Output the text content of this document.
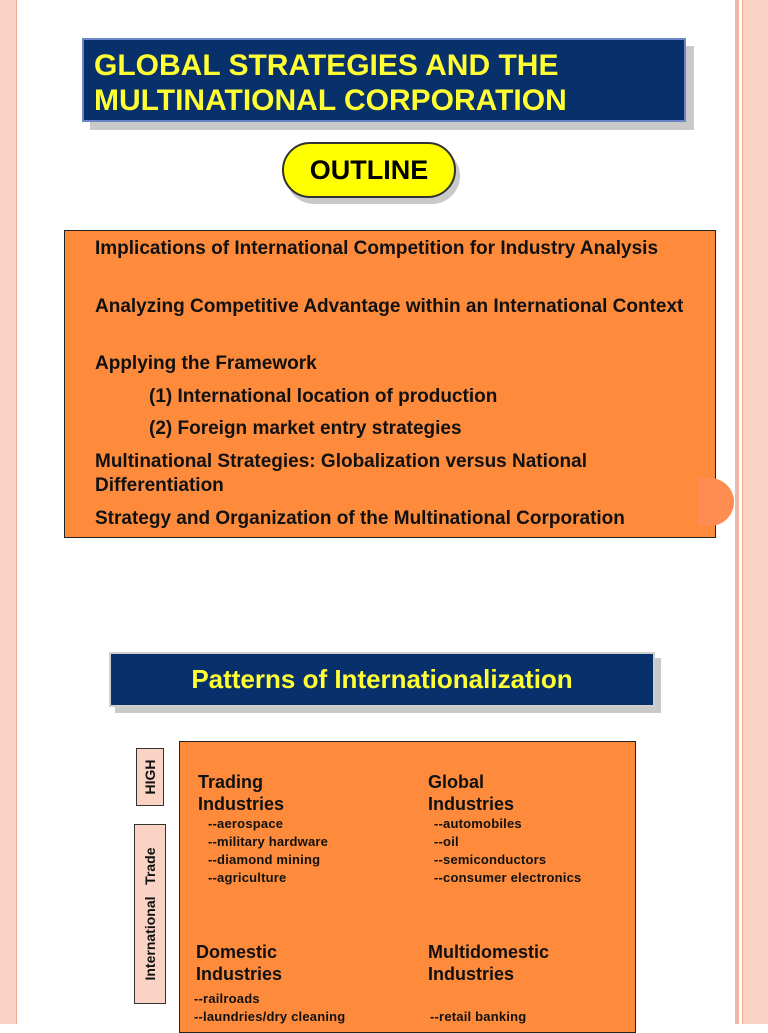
GLOBAL STRATEGIES AND THE
MULTINATIONAL CORPORATION
OUTLINE
Implications of International Competition for Industry Analysis
Analyzing Competitive Advantage within an International Context
Applying the Framework
(1) International location of production
(2) Foreign market entry strategies
Multinational Strategies: Globalization versus National Differentiation
Strategy and Organization of the Multinational Corporation
Patterns of Internationalization
HIGH
International   Trade
Trading
Industries
--aerospace
--military hardware
--diamond mining
--agriculture
Global
Industries
--automobiles
--oil
--semiconductors
--consumer electronics
Domestic
Industries
--railroads
--laundries/dry cleaning
Multidomestic
Industries
--retail banking
